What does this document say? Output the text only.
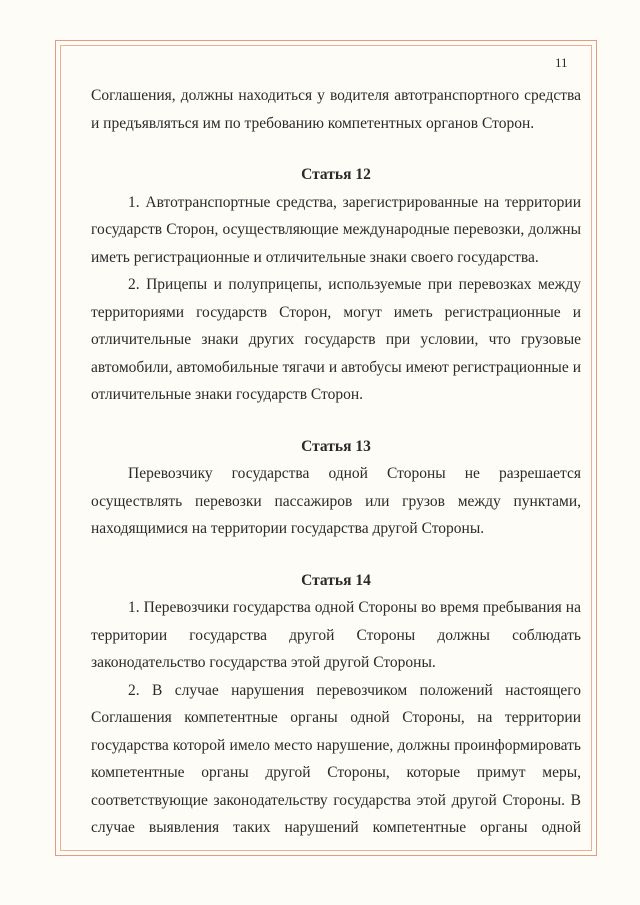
11

Соглашения, должны находиться у водителя автотранспортного средства и предъявляться им по требованию компетентных органов Сторон.

Статья 12

1. Автотранспортные средства, зарегистрированные на территории государств Сторон, осуществляющие международные перевозки, должны иметь регистрационные и отличительные знаки своего государства.

2. Прицепы и полуприцепы, используемые при перевозках между территориями государств Сторон, могут иметь регистрационные и отличительные знаки других государств при условии, что грузовые автомобили, автомобильные тягачи и автобусы имеют регистрационные и отличительные знаки государств Сторон.

Статья 13

Перевозчику государства одной Стороны не разрешается осуществлять перевозки пассажиров или грузов между пунктами, находящимися на территории государства другой Стороны.

Статья 14

1. Перевозчики государства одной Стороны во время пребывания на территории государства другой Стороны должны соблюдать законодательство государства этой другой Стороны.

2. В случае нарушения перевозчиком положений настоящего Соглашения компетентные органы одной Стороны, на территории государства которой имело место нарушение, должны проинформировать компетентные органы другой Стороны, которые примут меры, соответствующие законодательству государства этой другой Стороны. В случае выявления таких нарушений компетентные органы одной
